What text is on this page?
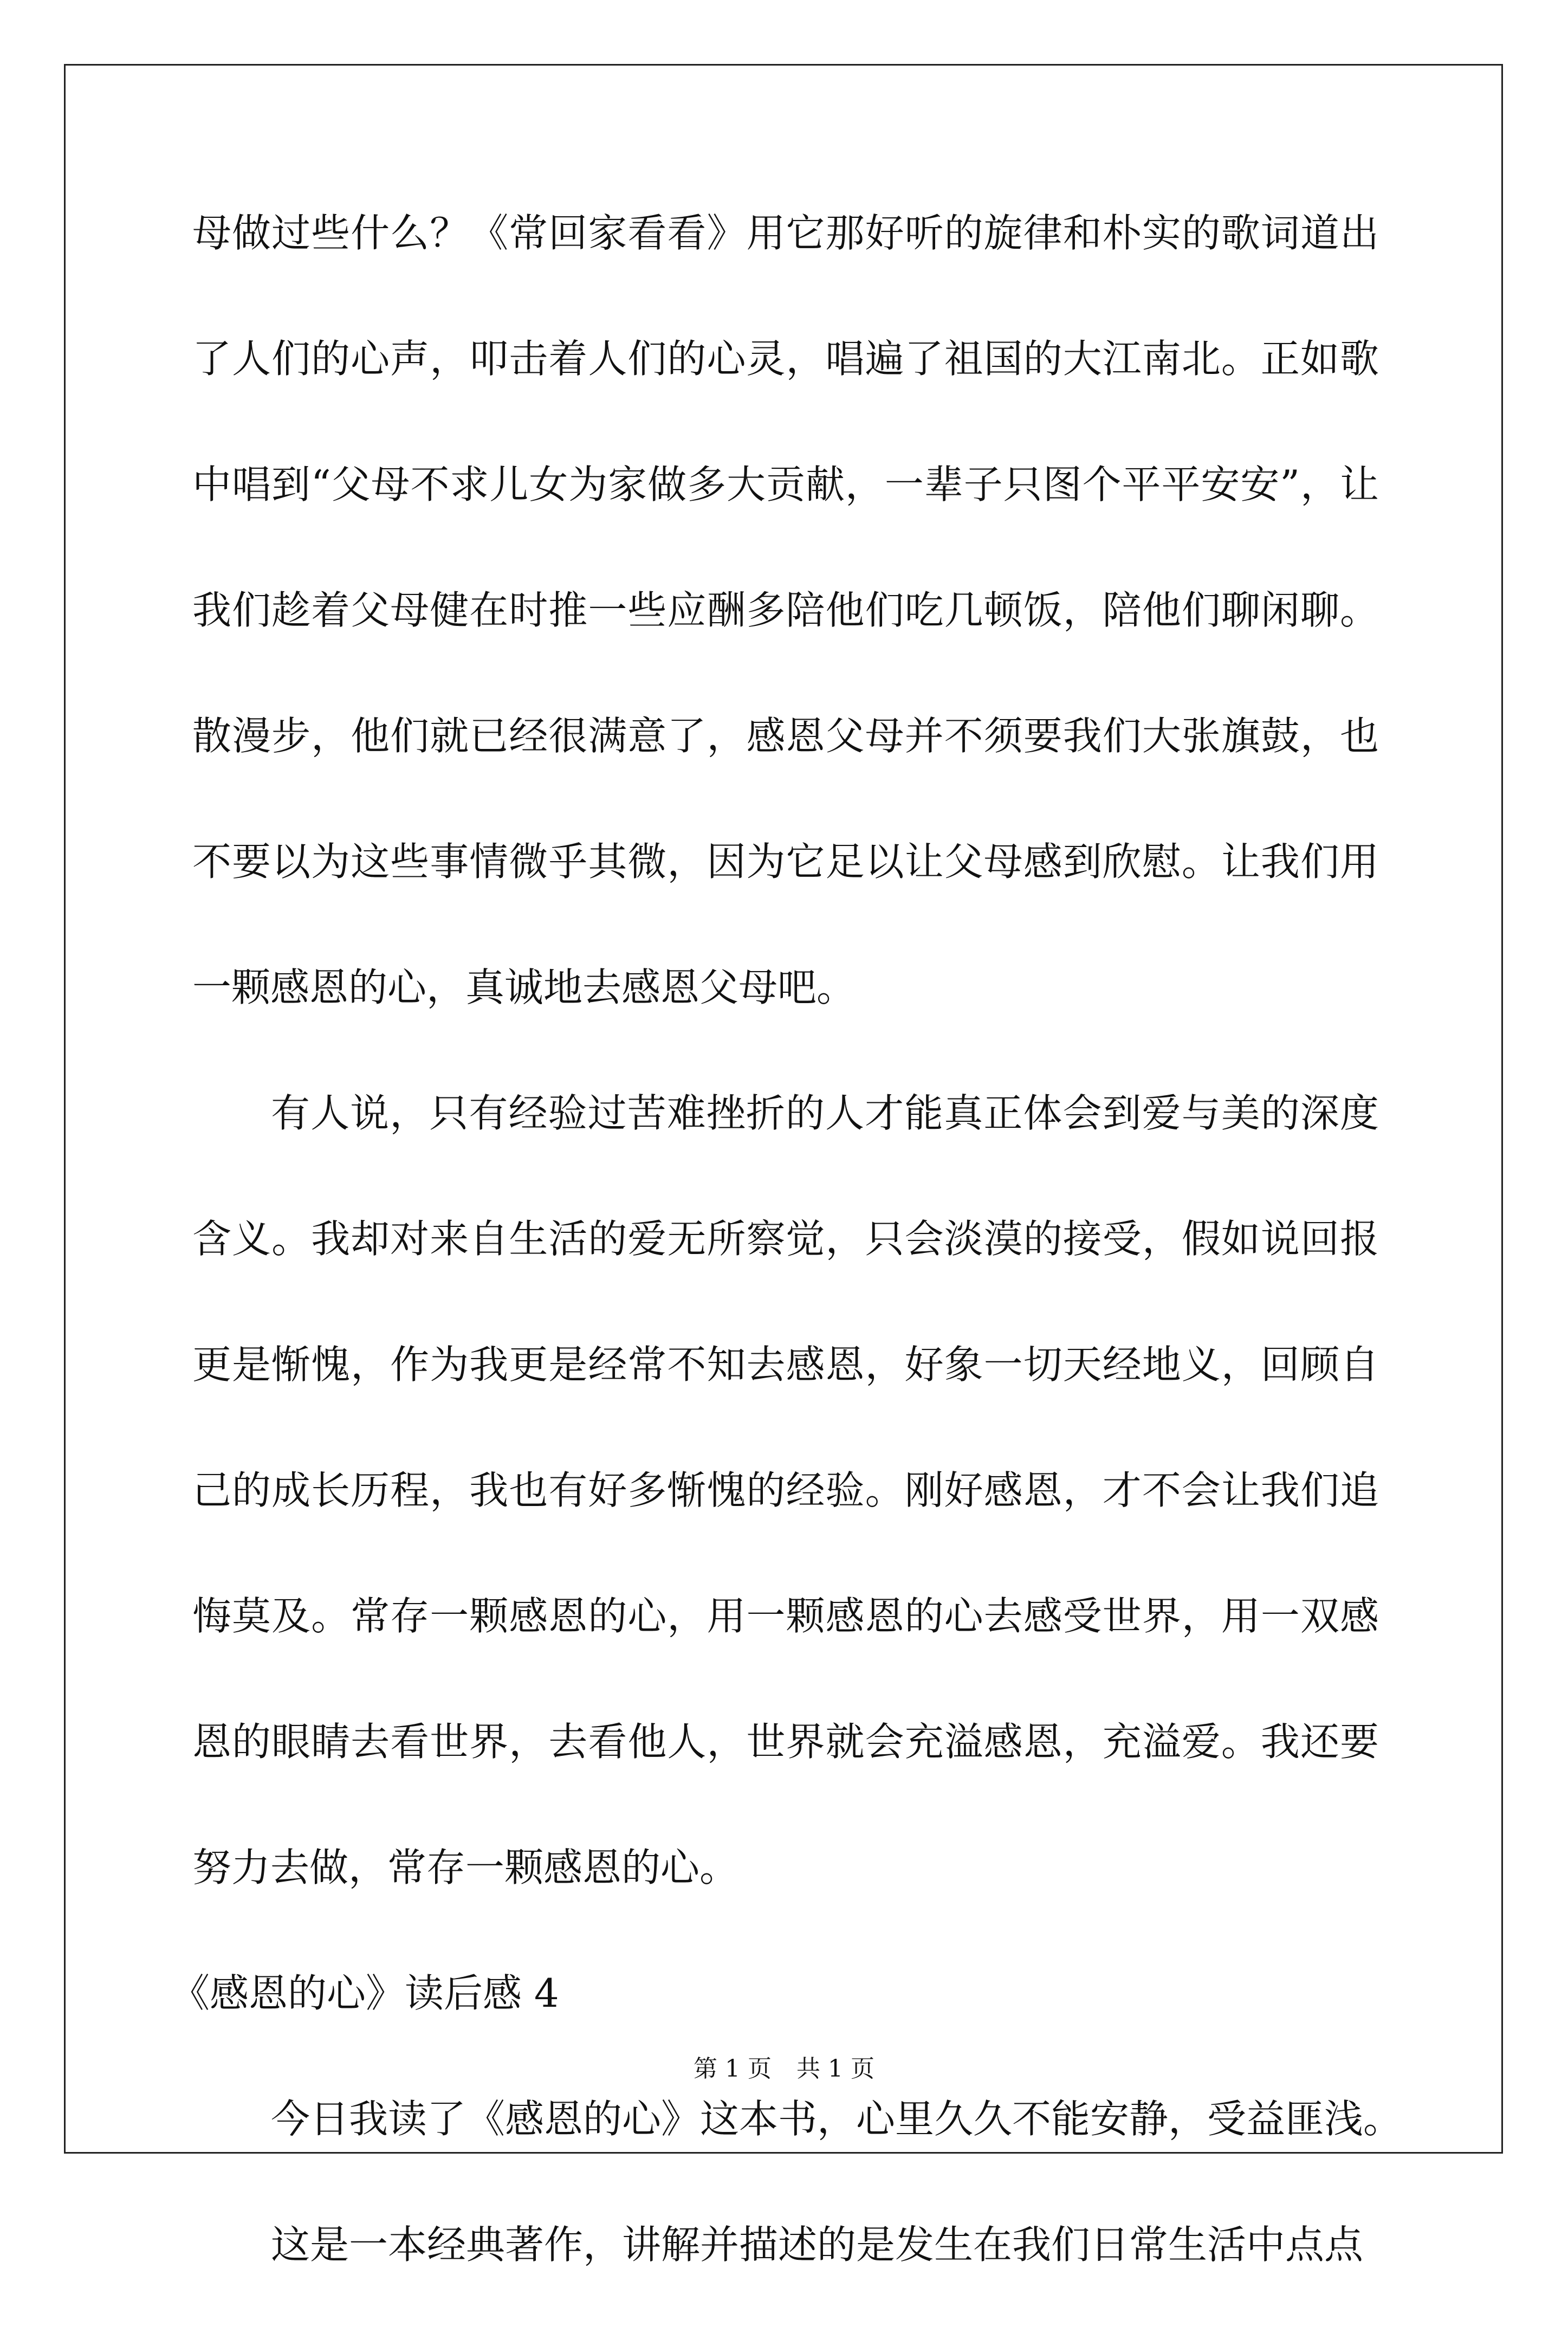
母做过些什么？《常回家看看》用它那好听的旋律和朴实的歌词道出
了人们的心声，叩击着人们的心灵，唱遍了祖国的大江南北。正如歌
中唱到“父母不求儿女为家做多大贡献，一辈子只图个平平安安”，让
我们趁着父母健在时推一些应酬多陪他们吃几顿饭，陪他们聊闲聊。
散漫步，他们就已经很满意了，感恩父母并不须要我们大张旗鼓，也
不要以为这些事情微乎其微，因为它足以让父母感到欣慰。让我们用
一颗感恩的心，真诚地去感恩父母吧。
有人说，只有经验过苦难挫折的人才能真正体会到爱与美的深度
含义。我却对来自生活的爱无所察觉，只会淡漠的接受，假如说回报
更是惭愧，作为我更是经常不知去感恩，好象一切天经地义，回顾自
己的成长历程，我也有好多惭愧的经验。刚好感恩，才不会让我们追
悔莫及。常存一颗感恩的心，用一颗感恩的心去感受世界，用一双感
恩的眼睛去看世界，去看他人，世界就会充溢感恩，充溢爱。我还要
努力去做，常存一颗感恩的心。
《感恩的心》读后感 4
今日我读了《感恩的心》这本书，心里久久不能安静，受益匪浅。
这是一本经典著作，讲解并描述的是发生在我们日常生活中点点
第 1 页 共 1 页
